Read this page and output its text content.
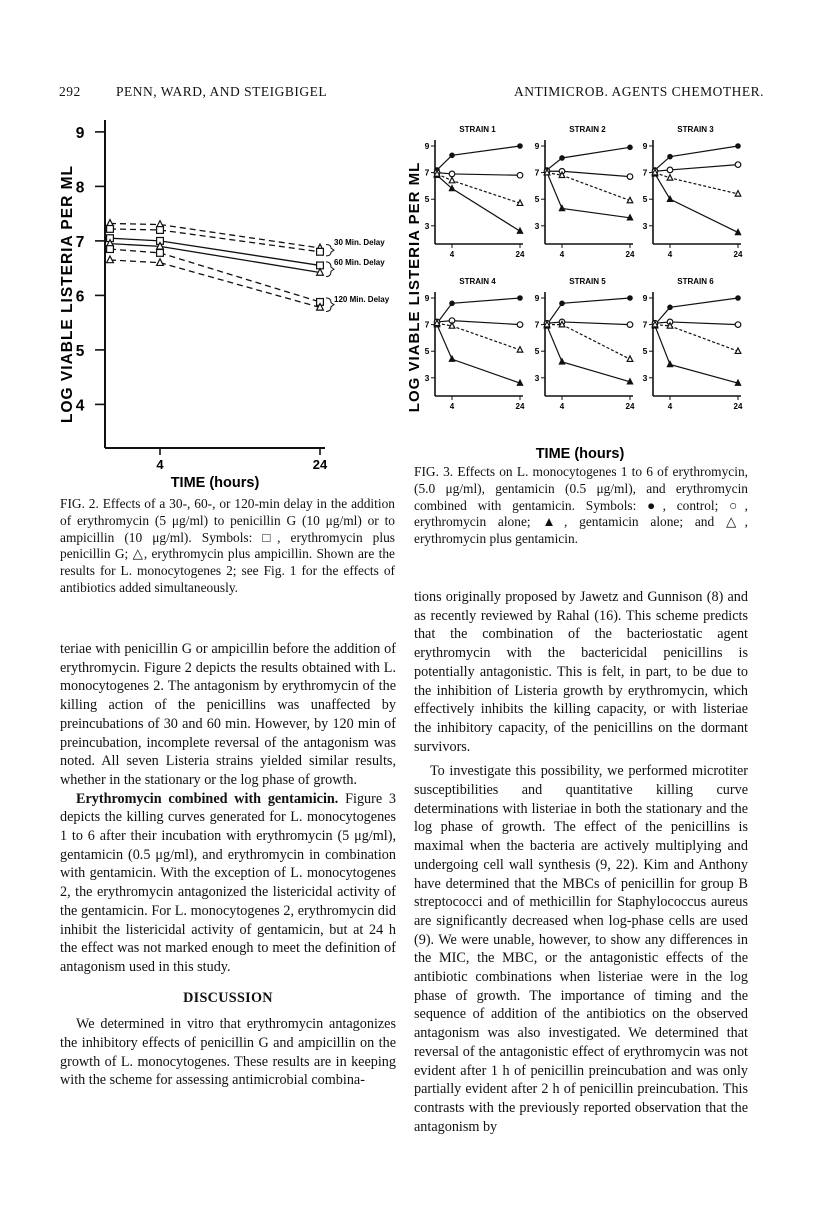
292	PENN, WARD, AND STEIGBIGEL	ANTIMICROB. AGENTS CHEMOTHER.
LOG VIABLE LISTERIA PER ML
9
8
7
6
5
4
4	24
30 Min. Delay
60 Min. Delay
120 Min. Delay
TIME (hours)
FIG. 2. Effects of a 30-, 60-, or 120-min delay in the addition of erythromycin (5 μg/ml) to penicillin G (10 μg/ml) or to ampicillin (10 μg/ml). Symbols: □, erythromycin plus penicillin G; △, erythromycin plus ampicillin. Shown are the results for L. monocytogenes 2; see Fig. 1 for the effects of antibiotics added simultaneously.
LOG VIABLE LISTERIA PER ML
STRAIN 1
9
7
5
3
4	24
STRAIN 2
9
7
5
3
4	24
STRAIN 3
9
7
5
3
4	24
STRAIN 4
9
7
5
3
4	24
STRAIN 5
9
7
5
3
4	24
STRAIN 6
9
7
5
3
4	24
TIME (hours)
FIG. 3. Effects on L. monocytogenes 1 to 6 of erythromycin, (5.0 μg/ml), gentamicin (0.5 μg/ml), and erythromycin combined with gentamicin. Symbols: ●, control; ○, erythromycin alone; ▲, gentamicin alone; and △, erythromycin plus gentamicin.

teriae with penicillin G or ampicillin before the addition of erythromycin. Figure 2 depicts the results obtained with L. monocytogenes 2. The antagonism by erythromycin of the killing action of the penicillins was unaffected by preincubations of 30 and 60 min. However, by 120 min of preincubation, incomplete reversal of the antagonism was noted. All seven Listeria strains yielded similar results, whether in the stationary or the log phase of growth.

Erythromycin combined with gentamicin. Figure 3 depicts the killing curves generated for L. monocytogenes 1 to 6 after their incubation with erythromycin (5 μg/ml), gentamicin (0.5 μg/ml), and erythromycin in combination with gentamicin. With the exception of L. monocytogenes 2, the erythromycin antagonized the listericidal activity of the gentamicin. For L. monocytogenes 2, erythromycin did inhibit the listericidal activity of gentamicin, but at 24 h the effect was not marked enough to meet the definition of antagonism used in this study.

DISCUSSION

We determined in vitro that erythromycin antagonizes the inhibitory effects of penicillin G and ampicillin on the growth of L. monocytogenes. These results are in keeping with the scheme for assessing antimicrobial combina-

tions originally proposed by Jawetz and Gunnison (8) and as recently reviewed by Rahal (16). This scheme predicts that the combination of the bacteriostatic agent erythromycin with the bactericidal penicillins is potentially antagonistic. This is felt, in part, to be due to the inhibition of Listeria growth by erythromycin, which effectively inhibits the killing capacity, or with listeriae the inhibitory capacity, of the penicillins on the dormant survivors.

To investigate this possibility, we performed microtiter susceptibilities and quantitative killing curve determinations with listeriae in both the stationary and the log phase of growth. The effect of the penicillins is maximal when the bacteria are actively multiplying and undergoing cell wall synthesis (9, 22). Kim and Anthony have determined that the MBCs of penicillin for group B streptococci and of methicillin for Staphylococcus aureus are significantly decreased when log-phase cells are used (9). We were unable, however, to show any differences in the MIC, the MBC, or the antagonistic effects of the antibiotic combinations when listeriae were in the log phase of growth. The importance of timing and the sequence of addition of the antibiotics on the observed antagonism was also investigated. We determined that reversal of the antagonistic effect of erythromycin was not evident after 1 h of penicillin preincubation and was only partially evident after 2 h of penicillin preincubation. This contrasts with the previously reported observation that the antagonism by
